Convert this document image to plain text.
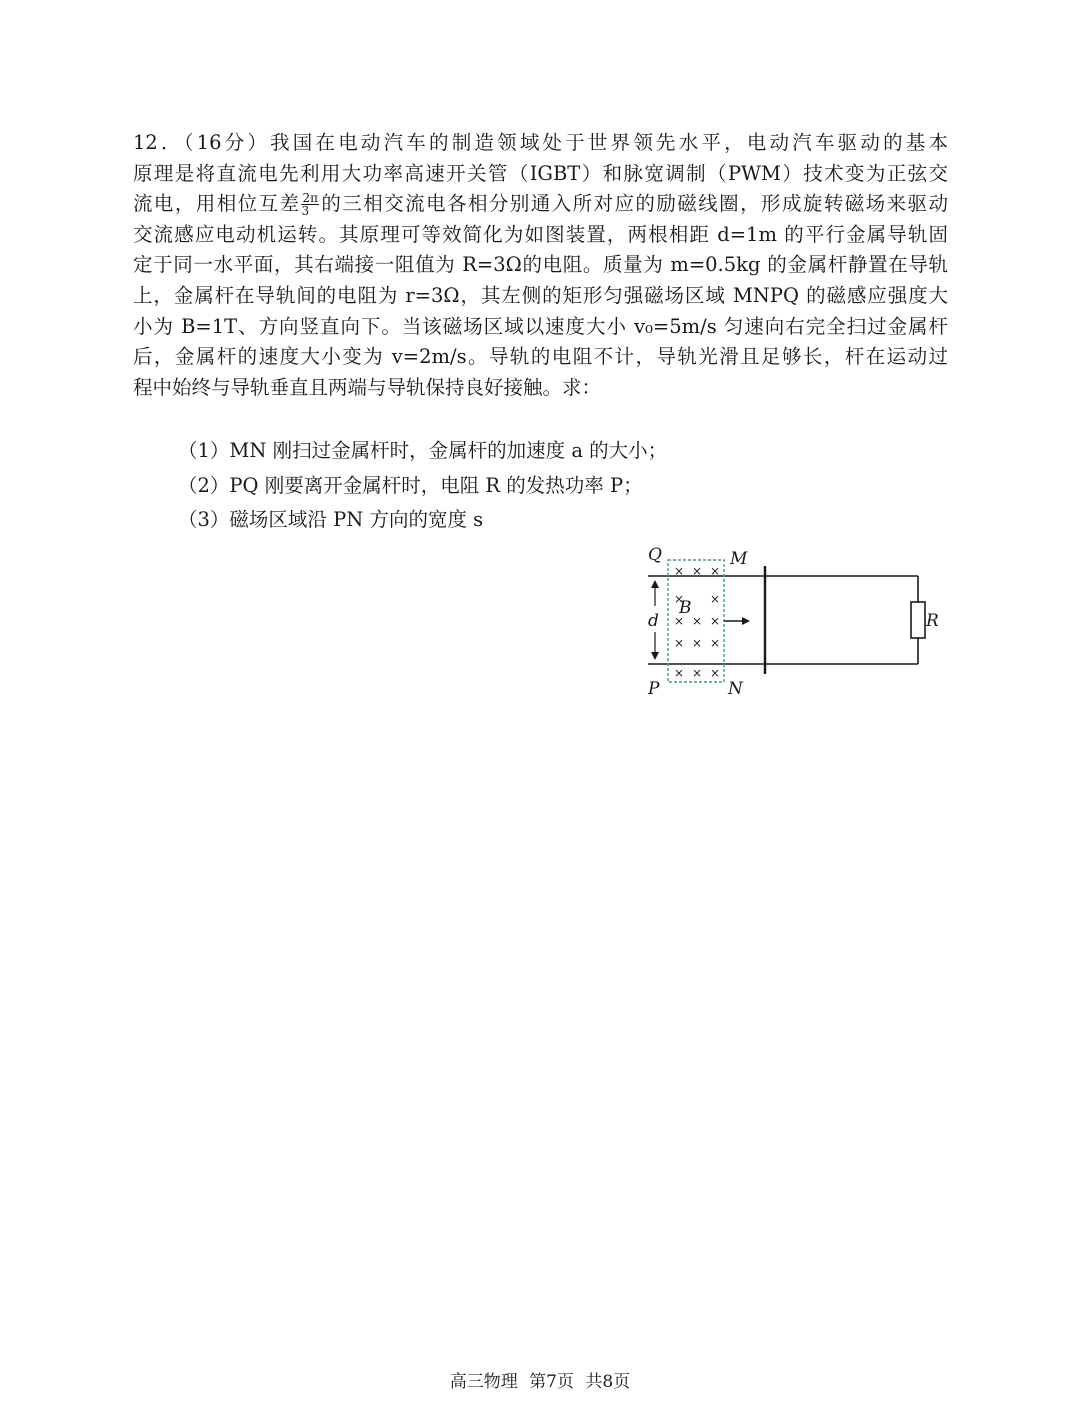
12．（16分）我国在电动汽车的制造领域处于世界领先水平，电动汽车驱动的基本
原理是将直流电先利用大功率高速开关管（IGBT）和脉宽调制（PWM）技术变为正弦交
流电，用相位互差 $\frac{2\pi}{3}$ 的三相交流电各相分别通入所对应的励磁线圈，形成旋转磁场来驱动
交流感应电动机运转。其原理可等效简化为如图装置，两根相距 d=1m 的平行金属导轨固
定于同一水平面，其右端接一阻值为 R=3Ω的电阻。质量为 m=0.5kg 的金属杆静置在导轨
上，金属杆在导轨间的电阻为 r=3Ω，其左侧的矩形匀强磁场区域 MNPQ 的磁感应强度大
小为 B=1T、方向竖直向下。当该磁场区域以速度大小 v₀=5m/s 匀速向右完全扫过金属杆
后，金属杆的速度大小变为 v=2m/s。导轨的电阻不计，导轨光滑且足够长，杆在运动过
程中始终与导轨垂直且两端与导轨保持良好接触。求：
（1）MN 刚扫过金属杆时，金属杆的加速度 a 的大小；
（2）PQ 刚要离开金属杆时，电阻 R 的发热功率 P；
（3）磁场区域沿 PN 方向的宽度 s
× × ×
× ×
× × ×
× × ×
× × ×
Q	M
P	N
B
d	R
高三物理 第7页 共8页
